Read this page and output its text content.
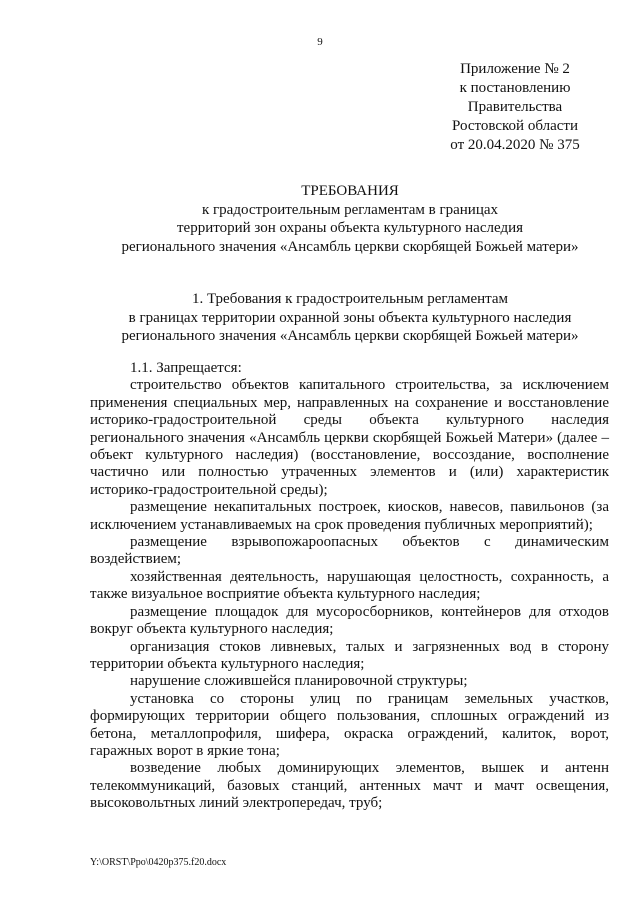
9
Приложение № 2
к постановлению
Правительства
Ростовской области
от 20.04.2020 № 375
ТРЕБОВАНИЯ
к градостроительным регламентам в границах
территорий зон охраны объекта культурного наследия
регионального значения «Ансамбль церкви скорбящей Божьей матери»
1. Требования к градостроительным регламентам
в границах территории охранной зоны объекта культурного наследия
регионального значения «Ансамбль церкви скорбящей Божьей матери»

1.1. Запрещается:

строительство объектов капитального строительства, за исключением применения специальных мер, направленных на сохранение и восстановление историко-градостроительной среды объекта культурного наследия регионального значения «Ансамбль церкви скорбящей Божьей Матери» (далее – объект культурного наследия) (восстановление, воссоздание, восполнение частично или полностью утраченных элементов и (или) характеристик историко-градостроительной среды);

размещение некапитальных построек, киосков, навесов, павильонов (за исключением устанавливаемых на срок проведения публичных мероприятий);

размещение взрывопожароопасных объектов с динамическим воздействием;

хозяйственная деятельность, нарушающая целостность, сохранность, а также визуальное восприятие объекта культурного наследия;

размещение площадок для мусоросборников, контейнеров для отходов вокруг объекта культурного наследия;

организация стоков ливневых, талых и загрязненных вод в сторону территории объекта культурного наследия;

нарушение сложившейся планировочной структуры;

установка со стороны улиц по границам земельных участков, формирующих территории общего пользования, сплошных ограждений из бетона, металлопрофиля, шифера, окраска ограждений, калиток, ворот, гаражных ворот в яркие тона;

возведение любых доминирующих элементов, вышек и антенн телекоммуникаций, базовых станций, антенных мачт и мачт освещения, высоковольтных линий электропередач, труб;

Y:\ORST\Ppo\0420p375.f20.docx
